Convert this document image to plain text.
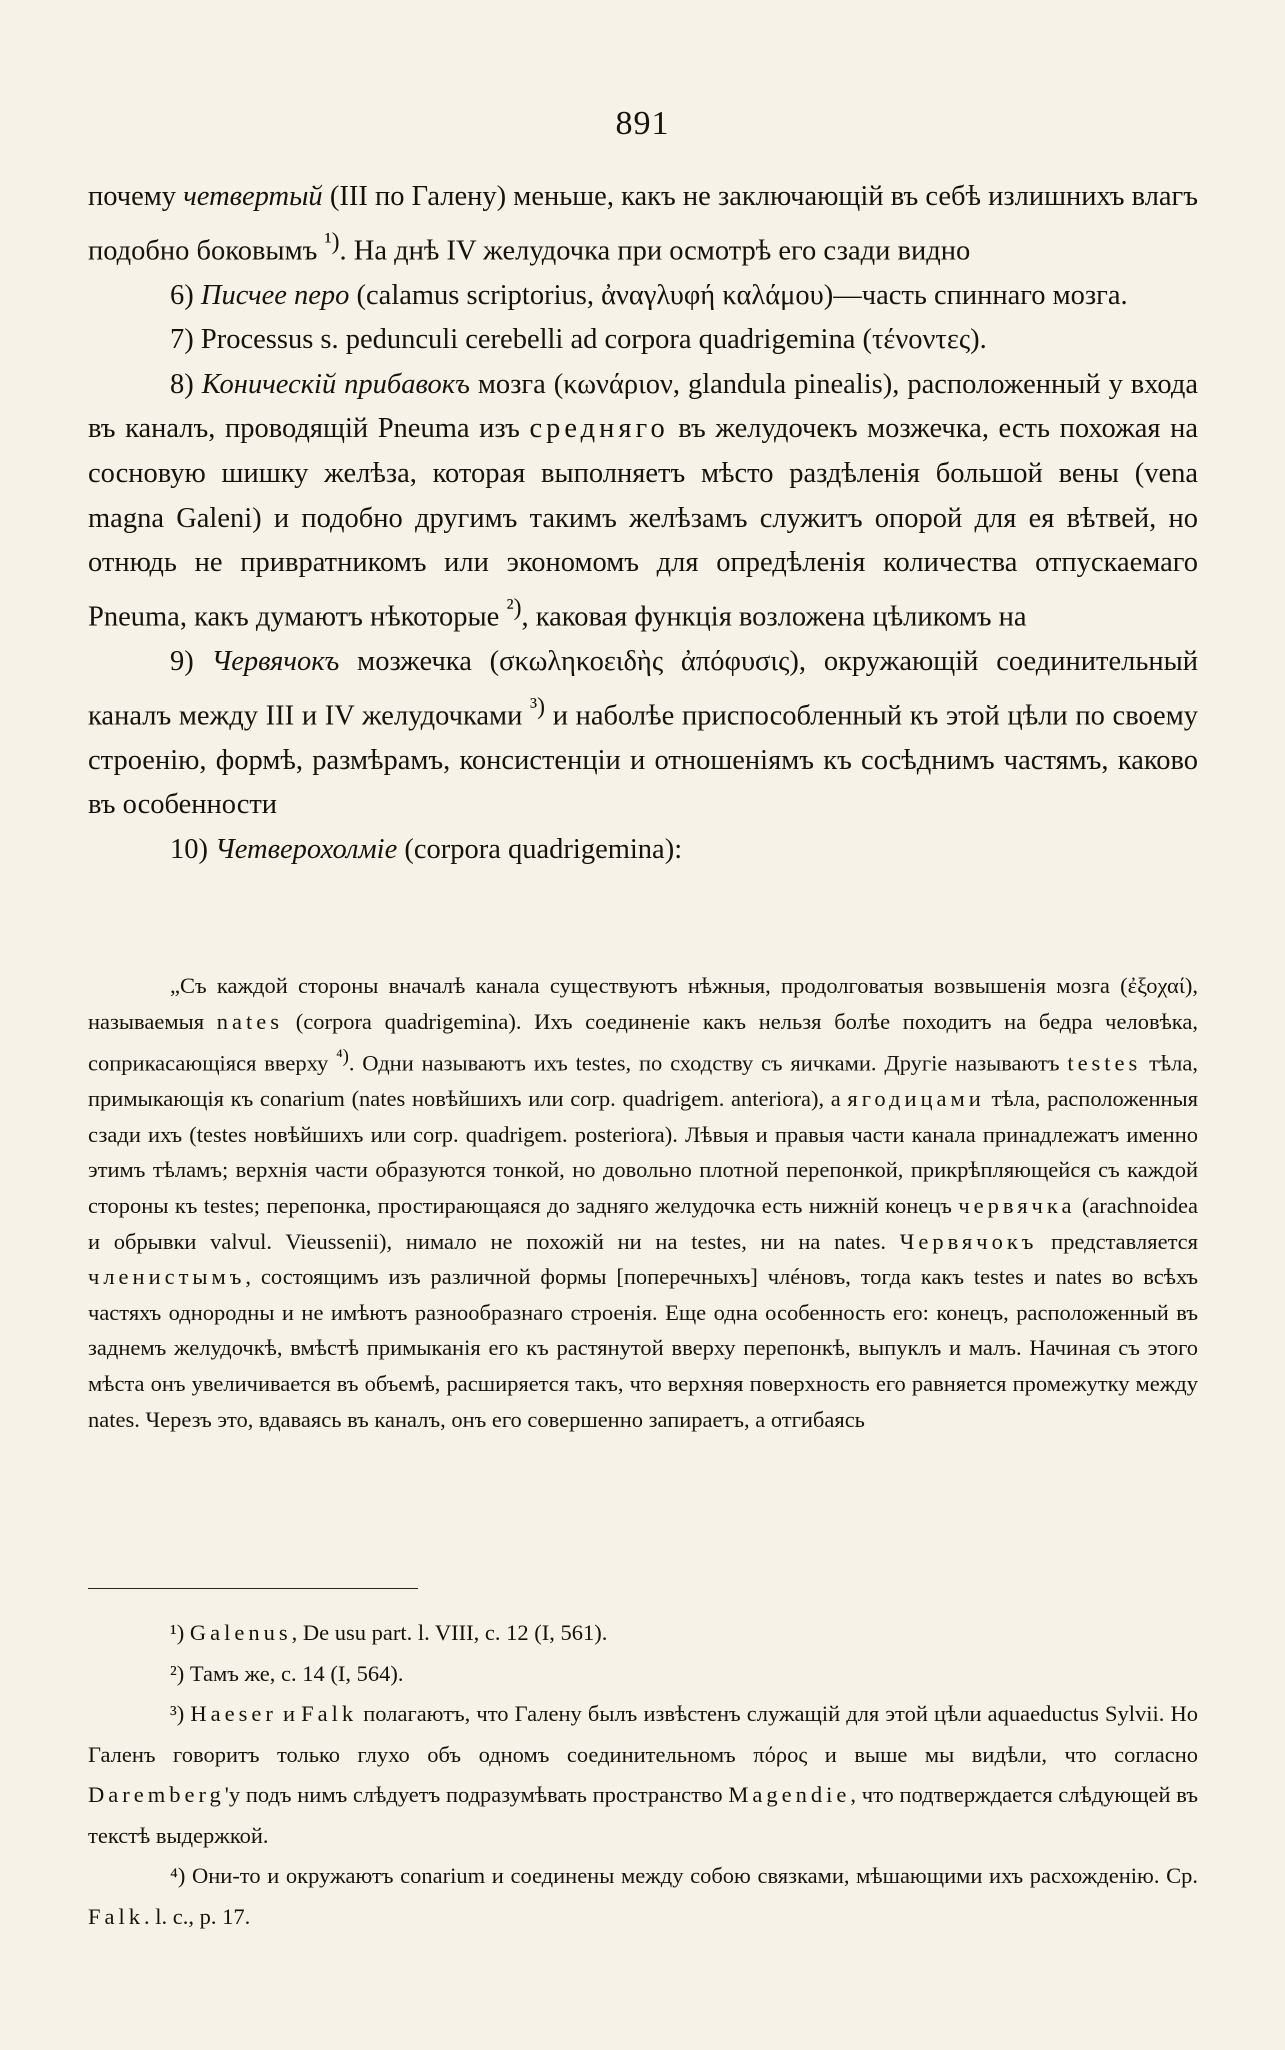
891

почему четвертый (III по Галену) меньше, какъ не заключающій въ себѣ излишнихъ влагъ подобно боковымъ $^{^1)}$. На днѣ IV желудочка при осмотрѣ его сзади видно

6) Писчее перо (calamus scriptorius, ἀναγλυφή καλάμου)—часть спиннаго мозга.

7) Processus s. pedunculi cerebelli ad corpora quadrigemina (τένοντες).

8) Коническій прибавокъ мозга (κωνάριον, glandula pinealis), расположенный у входа въ каналъ, проводящій Pneuma изъ средняго въ желудочекъ мозжечка, есть похожая на сосновую шишку желѣза, которая выполняетъ мѣсто раздѣленія большой вены (vena magna Galeni) и подобно другимъ такимъ желѣзамъ служитъ опорой для ея вѣтвей, но отнюдь не привратникомъ или экономомъ для опредѣленія количества отпускаемаго Pneuma, какъ думаютъ нѣкоторые $^{^2)}$, каковая функція возложена цѣликомъ на

9) Червячокъ мозжечка (σκωληκοειδὴς ἀπόφυσις), окружающій соединительный каналъ между III и IV желудочками $^{^3)}$ и наболѣе приспособленный къ этой цѣли по своему строенію, формѣ, размѣрамъ, консистенціи и отношеніямъ къ сосѣднимъ частямъ, каково въ особенности

10) Четверохолміе (corpora quadrigemina):

„Съ каждой стороны вначалѣ канала существуютъ нѣжныя, продолговатыя возвышенія мозга (ἐξοχαί), называемыя nates (corpora quadrigemina). Ихъ соединеніе какъ нельзя болѣе походитъ на бедра человѣка, соприкасающіяся вверху $^{^4)}$. Одни называютъ ихъ testes, по сходству съ яичками. Другіе называютъ testes тѣла, примыкающія къ conarium (nates новѣйшихъ или corp. quadrigem. anteriora), а ягодицами тѣла, расположенныя сзади ихъ (testes новѣйшихъ или corp. quadrigem. posteriora). Лѣвыя и правыя части канала принадлежатъ именно этимъ тѣламъ; верхнія части образуются тонкой, но довольно плотной перепонкой, прикрѣпляющейся съ каждой стороны къ testes; перепонка, простирающаяся до задняго желудочка есть нижній конецъ червячка (arachnoidea и обрывки valvul. Vieussenii), нимало не похожій ни на testes, ни на nates. Червячокъ представляется членистымъ, состоящимъ изъ различной формы [поперечныхъ] члéновъ, тогда какъ testes и nates во всѣхъ частяхъ однородны и не имѣютъ разнообразнаго строенія. Еще одна особенность его: конецъ, расположенный въ заднемъ желудочкѣ, вмѣстѣ примыканія его къ растянутой вверху перепонкѣ, выпуклъ и малъ. Начиная съ этого мѣста онъ увеличивается въ объемѣ, расширяется такъ, что верхняя поверхность его равняется промежутку между nates. Черезъ это, вдаваясь въ каналъ, онъ его совершенно запираетъ, а отгибаясь

¹) Galenus, De usu part. l. VIII, c. 12 (I, 561).

²) Тамъ же, с. 14 (I, 564).

³) Haeser и Falk полагаютъ, что Галену былъ извѣстенъ служащій для этой цѣли aquaeductus Sylvii. Но Галенъ говоритъ только глухо объ одномъ соединительномъ πόρος и выше мы видѣли, что согласно Daremberg'у подъ нимъ слѣдуетъ подразумѣвать пространство Magendie, что подтверждается слѣдующей въ текстѣ выдержкой.

⁴) Они-то и окружаютъ conarium и соединены между собою связками, мѣшающими ихъ расхожденію. Ср. Falk. l. c., p. 17.
